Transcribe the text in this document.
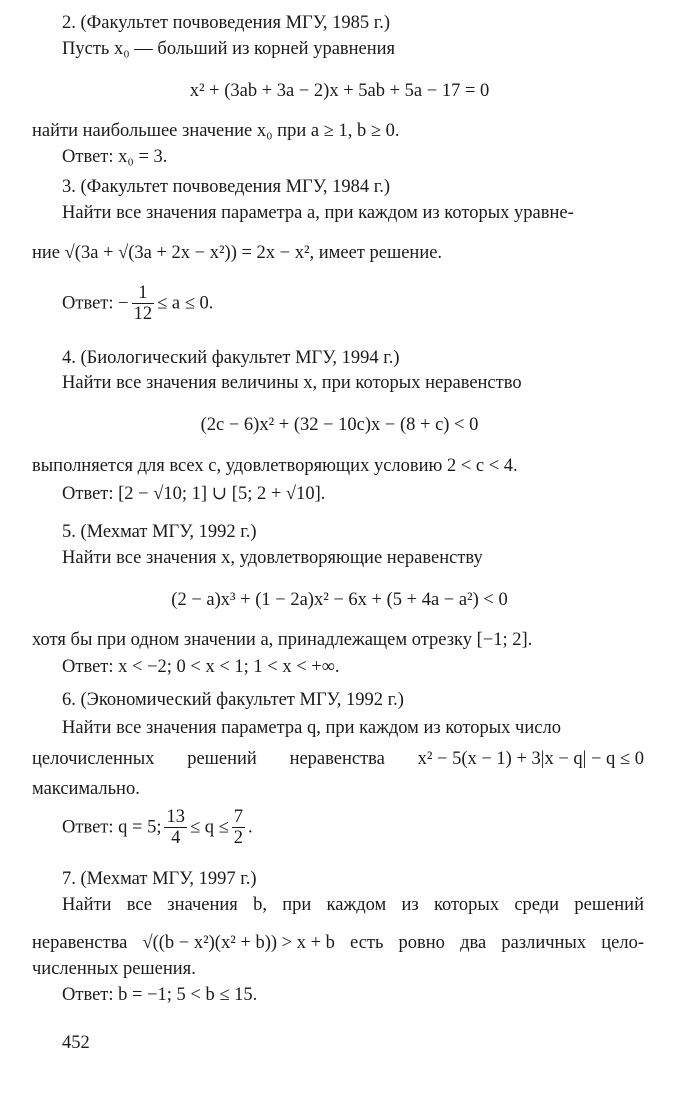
2. (Факультет почвоведения МГУ, 1985 г.)
Пусть x₀ — больший из корней уравнения
x² + (3ab + 3a − 2)x + 5ab + 5a − 17 = 0
найти наибольшее значение x₀ при a ≥ 1, b ≥ 0.
Ответ: x₀ = 3.
3. (Факультет почвоведения МГУ, 1984 г.)
Найти все значения параметра a, при каждом из которых уравне-
ние √(3a + √(3a + 2x − x²)) = 2x − x², имеет решение.
Ответ: − $\frac{1}{12} \le a \le 0$.
4. (Биологический факультет МГУ, 1994 г.)
Найти все значения величины x, при которых неравенство
(2c − 6)x² + (32 − 10c)x − (8 + c) < 0
выполняется для всех c, удовлетворяющих условию 2 < c < 4.
Ответ: [2 − √10; 1] ∪ [5; 2 + √10].
5. (Мехмат МГУ, 1992 г.)
Найти все значения x, удовлетворяющие неравенству
(2 − a)x³ + (1 − 2a)x² − 6x + (5 + 4a − a²) < 0
хотя бы при одном значении a, принадлежащем отрезку [−1; 2].
Ответ: x < −2; 0 < x < 1; 1 < x < +∞.
6. (Экономический факультет МГУ, 1992 г.)
Найти все значения параметра q, при каждом из которых число
целочисленных решений неравенства x² − 5(x − 1) + 3|x − q| − q ≤ 0
максимально.
Ответ: q = 5; $\frac{13}{4} \le q \le \frac{7}{2}$ .
7. (Мехмат МГУ, 1997 г.)
Найти все значения b, при каждом из которых среди решений
неравенства √((b − x²)(x² + b)) > x + b есть ровно два различных цело-
численных решения.
Ответ: b = −1; 5 < b ≤ 15.
452
